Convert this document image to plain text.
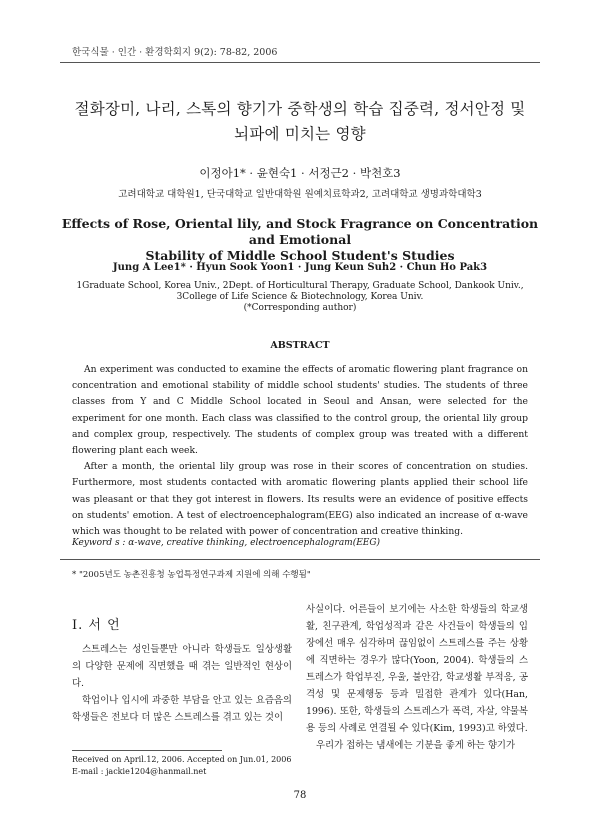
한국식물 · 인간 · 환경학회지 9(2): 78-82, 2006
절화장미, 나리, 스톡의 향기가 중학생의 학습 집중력, 정서안정 및
뇌파에 미치는 영향
이정아1* · 윤현숙1 · 서정근2 · 박천호3
고려대학교 대학원1, 단국대학교 일반대학원 원예치료학과2, 고려대학교 생명과학대학3
Effects of Rose, Oriental lily, and Stock Fragrance on Concentration and Emotional
Stability of Middle School Student's Studies
Jung A Lee1* · Hyun Sook Yoon1 · Jung Keun Suh2 · Chun Ho Pak3
1Graduate School, Korea Univ., 2Dept. of Horticultural Therapy, Graduate School, Dankook Univ.,
3College of Life Science & Biotechnology, Korea Univ.
(*Corresponding author)
ABSTRACT

An experiment was conducted to examine the effects of aromatic flowering plant fragrance on concentration and emotional stability of middle school students' studies. The students of three classes from Y and C Middle School located in Seoul and Ansan, were selected for the experiment for one month. Each class was classified to the control group, the oriental lily group and complex group, respectively. The students of complex group was treated with a different flowering plant each week.

After a month, the oriental lily group was rose in their scores of concentration on studies. Furthermore, most students contacted with aromatic flowering plants applied their school life was pleasant or that they got interest in flowers. Its results were an evidence of positive effects on students' emotion. A test of electroencephalogram(EEG) also indicated an increase of α-wave which was thought to be related with power of concentration and creative thinking.

Keyword s : α-wave, creative thinking, electroencephalogram(EEG)
* "2005년도 농촌진흥청 농업특정연구과제 지원에 의해 수행됨"
Ⅰ. 서 언

스트레스는 성인들뿐만 아니라 학생들도 일상생활의 다양한 문제에 직면했을 때 겪는 일반적인 현상이다.

학업이나 입시에 과중한 부담을 안고 있는 요즘음의 학생들은 전보다 더 많은 스트레스를 겪고 있는 것이

Received on April.12, 2006. Accepted on Jun.01, 2006
E-mail : jackie1204@hanmail.net

사실이다. 어른들이 보기에는 사소한 학생들의 학교생활, 친구관계, 학업성적과 같은 사건들이 학생들의 입장에선 매우 심각하며 끊임없이 스트레스를 주는 상황에 직면하는 경우가 많다(Yoon, 2004). 학생들의 스트레스가 학업부진, 우울, 불안감, 학교생활 부적응, 공격성 및 문제행동 등과 밀접한 관계가 있다(Han, 1996). 또한, 학생들의 스트레스가 폭력, 자살, 약물복용 등의 사례로 연결될 수 있다(Kim, 1993)고 하였다.

우리가 접하는 냄새에는 기분을 좋게 하는 향기가

78
